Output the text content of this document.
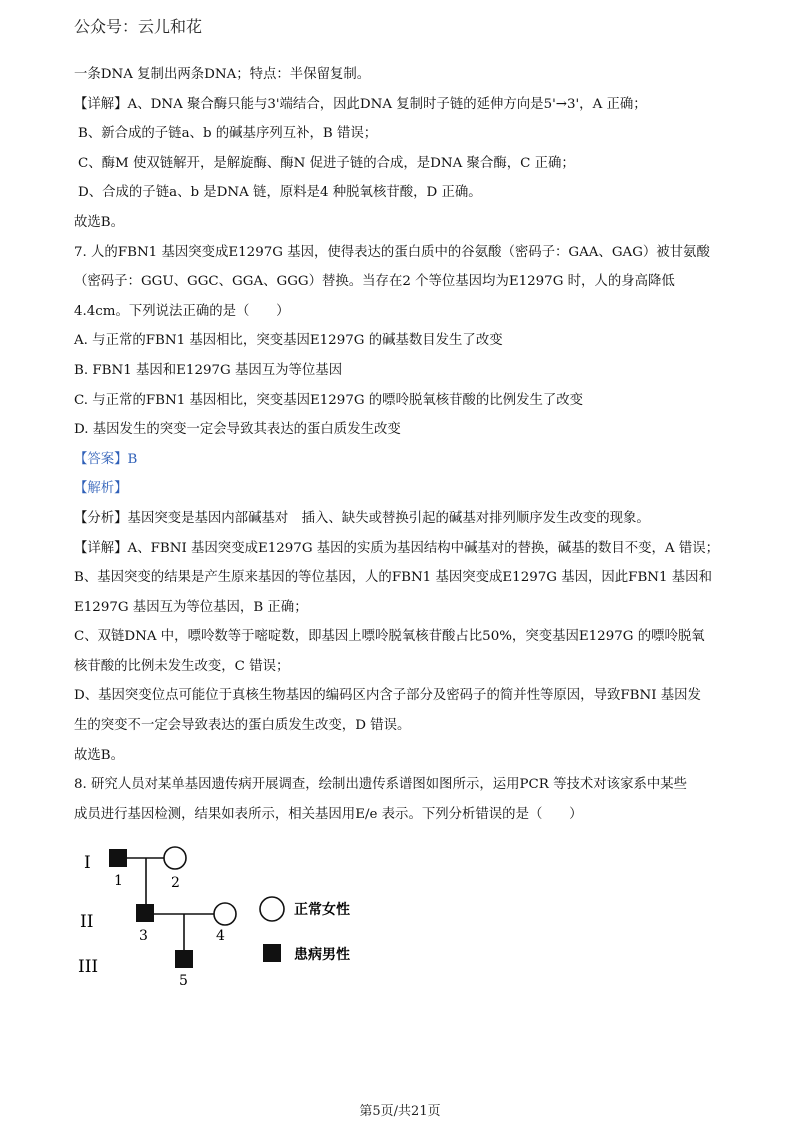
公众号：云儿和花
一条DNA 复制出两条DNA；特点：半保留复制。
【详解】A、DNA 聚合酶只能与3'端结合，因此DNA 复制时子链的延伸方向是5'→3'，A 正确；
B、新合成的子链a、b 的碱基序列互补，B 错误；
C、酶M 使双链解开，是解旋酶、酶N 促进子链的合成，是DNA 聚合酶，C 正确；
D、合成的子链a、b 是DNA 链，原料是4 种脱氧核苷酸，D 正确。
故选B。
7. 人的FBN1 基因突变成E1297G 基因，使得表达的蛋白质中的谷氨酸（密码子：GAA、GAG）被甘氨酸
（密码子：GGU、GGC、GGA、GGG）替换。当存在2 个等位基因均为E1297G 时，人的身高降低
4.4cm。下列说法正确的是（　　）
A. 与正常的FBN1 基因相比，突变基因E1297G 的碱基数目发生了改变
B. FBN1 基因和E1297G 基因互为等位基因
C. 与正常的FBN1 基因相比，突变基因E1297G 的嘌呤脱氧核苷酸的比例发生了改变
D. 基因发生的突变一定会导致其表达的蛋白质发生改变
【答案】B
【解析】
【分析】基因突变是基因内部碱基对　插入、缺失或替换引起的碱基对排列顺序发生改变的现象。
【详解】A、FBNI 基因突变成E1297G 基因的实质为基因结构中碱基对的替换，碱基的数目不变，A 错误；
B、基因突变的结果是产生原来基因的等位基因，人的FBN1 基因突变成E1297G 基因，因此FBN1 基因和
E1297G 基因互为等位基因，B 正确；
C、双链DNA 中，嘌呤数等于嘧啶数，即基因上嘌呤脱氧核苷酸占比50%，突变基因E1297G 的嘌呤脱氧
核苷酸的比例未发生改变，C 错误；
D、基因突变位点可能位于真核生物基因的编码区内含子部分及密码子的简并性等原因，导致FBNI 基因发
生的突变不一定会导致表达的蛋白质发生改变，D 错误。
故选B。
8. 研究人员对某单基因遗传病开展调查，绘制出遗传系谱图如图所示，运用PCR 等技术对该家系中某些
成员进行基因检测，结果如表所示，相关基因用E/e 表示。下列分析错误的是（　　）
I
II
III
1	2
3	4
5
正常女性
患病男性
第5页/共21页
